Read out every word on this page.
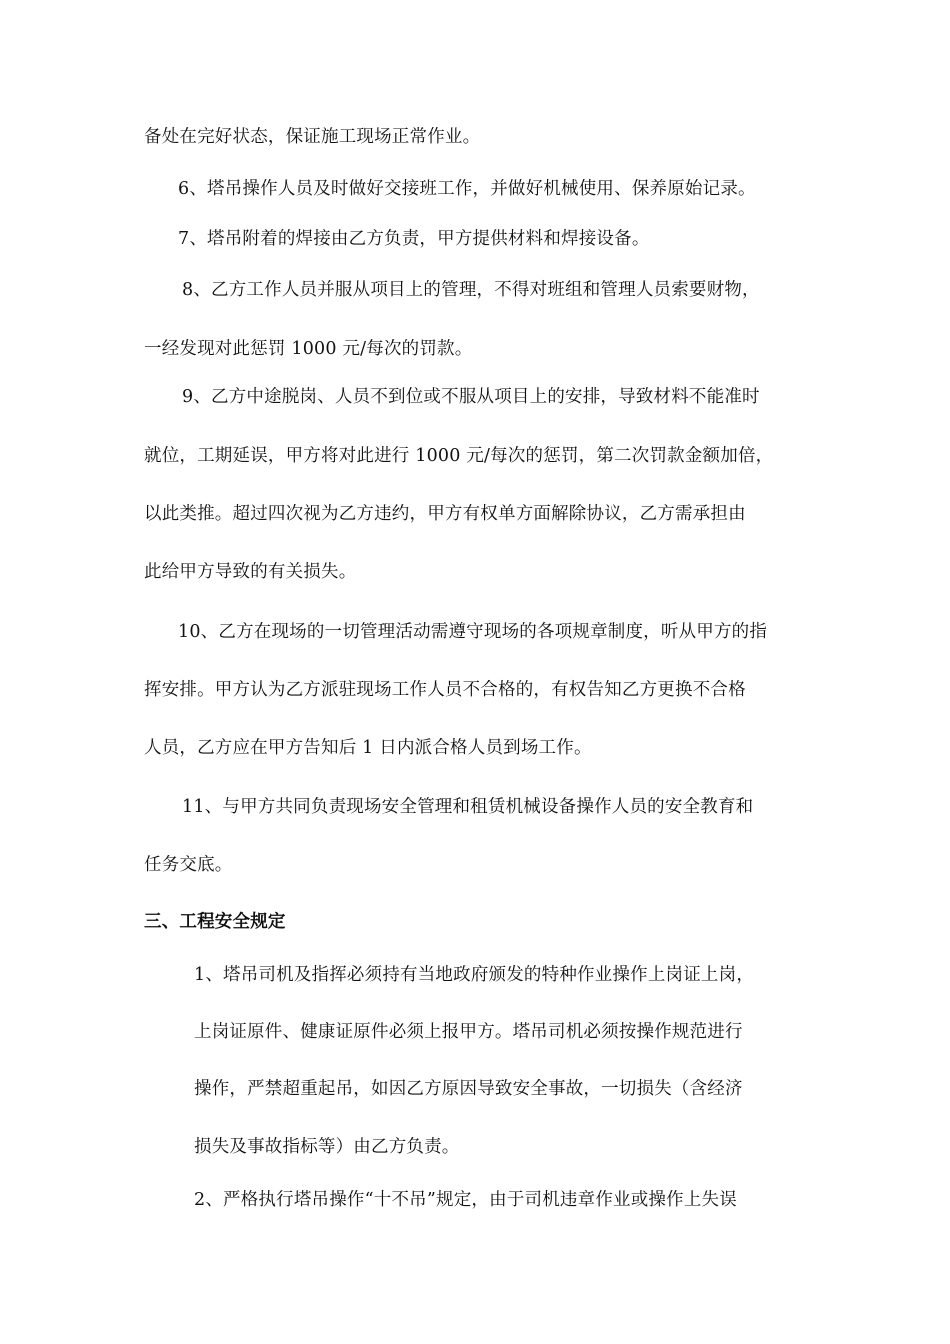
备处在完好状态，保证施工现场正常作业。

6、塔吊操作人员及时做好交接班工作，并做好机械使用、保养原始记录。

7、塔吊附着的焊接由乙方负责，甲方提供材料和焊接设备。

8、乙方工作人员并服从项目上的管理，不得对班组和管理人员索要财物，

一经发现对此惩罚 1000 元/每次的罚款。

9、乙方中途脱岗、人员不到位或不服从项目上的安排，导致材料不能准时

就位，工期延误，甲方将对此进行 1000 元/每次的惩罚，第二次罚款金额加倍，

以此类推。超过四次视为乙方违约，甲方有权单方面解除协议，乙方需承担由

此给甲方导致的有关损失。

10、乙方在现场的一切管理活动需遵守现场的各项规章制度，听从甲方的指

挥安排。甲方认为乙方派驻现场工作人员不合格的，有权告知乙方更换不合格

人员，乙方应在甲方告知后 1 日内派合格人员到场工作。

11、与甲方共同负责现场安全管理和租赁机械设备操作人员的安全教育和

任务交底。

三、工程安全规定

1、塔吊司机及指挥必须持有当地政府颁发的特种作业操作上岗证上岗，

上岗证原件、健康证原件必须上报甲方。塔吊司机必须按操作规范进行

操作，严禁超重起吊，如因乙方原因导致安全事故，一切损失（含经济

损失及事故指标等）由乙方负责。

2、严格执行塔吊操作“十不吊”规定，由于司机违章作业或操作上失误
